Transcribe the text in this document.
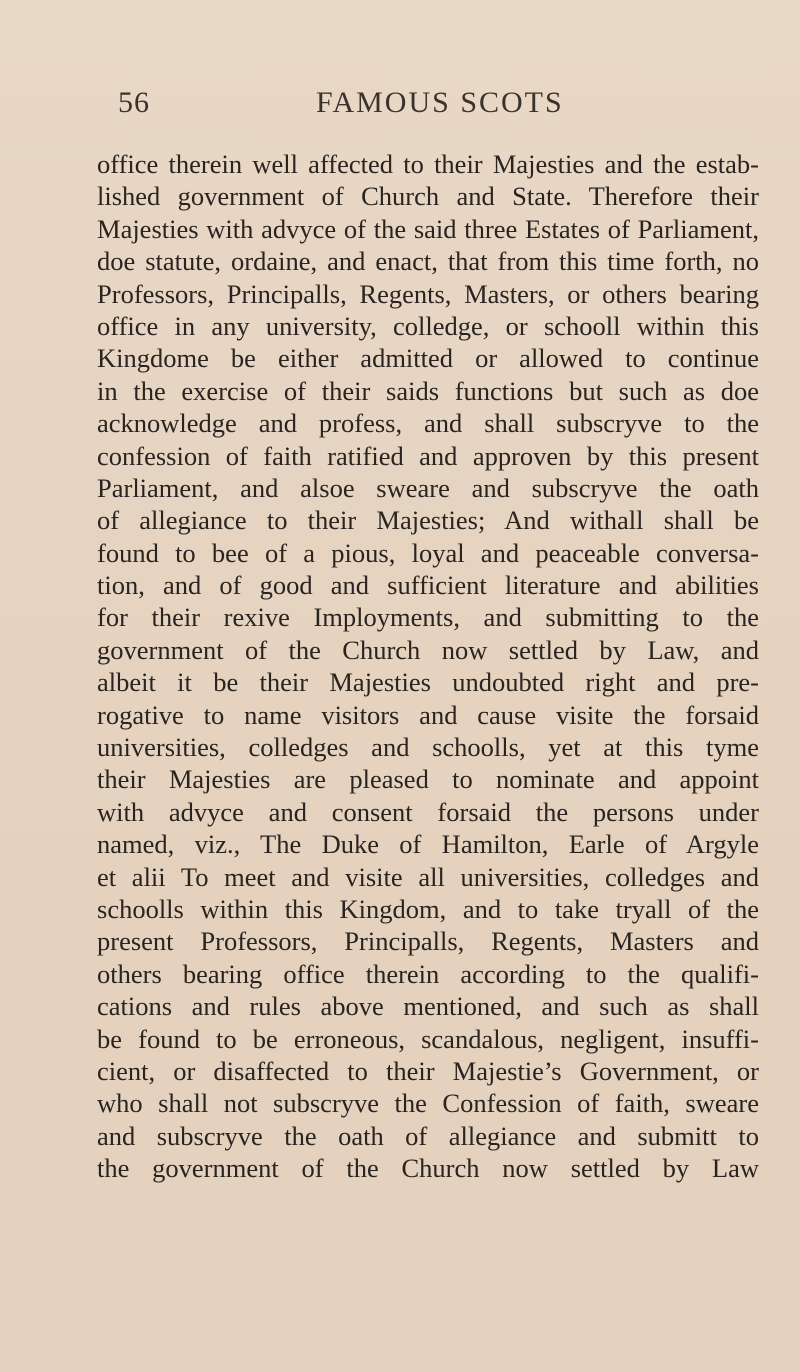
56	FAMOUS SCOTS
office therein well affected to their Majesties and the estab-
lished government of Church and State. Therefore their
Majesties with advyce of the said three Estates of Parliament,
doe statute, ordaine, and enact, that from this time forth, no
Professors, Principalls, Regents, Masters, or others bearing
office in any university, colledge, or schooll within this
Kingdome be either admitted or allowed to continue
in the exercise of their saids functions but such as doe
acknowledge and profess, and shall subscryve to the
confession of faith ratified and approven by this present
Parliament, and alsoe sweare and subscryve the oath
of allegiance to their Majesties; And withall shall be
found to bee of a pious, loyal and peaceable conversa-
tion, and of good and sufficient literature and abilities
for their rexive Imployments, and submitting to the
government of the Church now settled by Law, and
albeit it be their Majesties undoubted right and pre-
rogative to name visitors and cause visite the forsaid
universities, colledges and schoolls, yet at this tyme
their Majesties are pleased to nominate and appoint
with advyce and consent forsaid the persons under
named, viz., The Duke of Hamilton, Earle of Argyle
et alii To meet and visite all universities, colledges and
schoolls within this Kingdom, and to take tryall of the
present Professors, Principalls, Regents, Masters and
others bearing office therein according to the qualifi-
cations and rules above mentioned, and such as shall
be found to be erroneous, scandalous, negligent, insuffi-
cient, or disaffected to their Majestie’s Government, or
who shall not subscryve the Confession of faith, sweare
and subscryve the oath of allegiance and submitt to
the government of the Church now settled by Law
